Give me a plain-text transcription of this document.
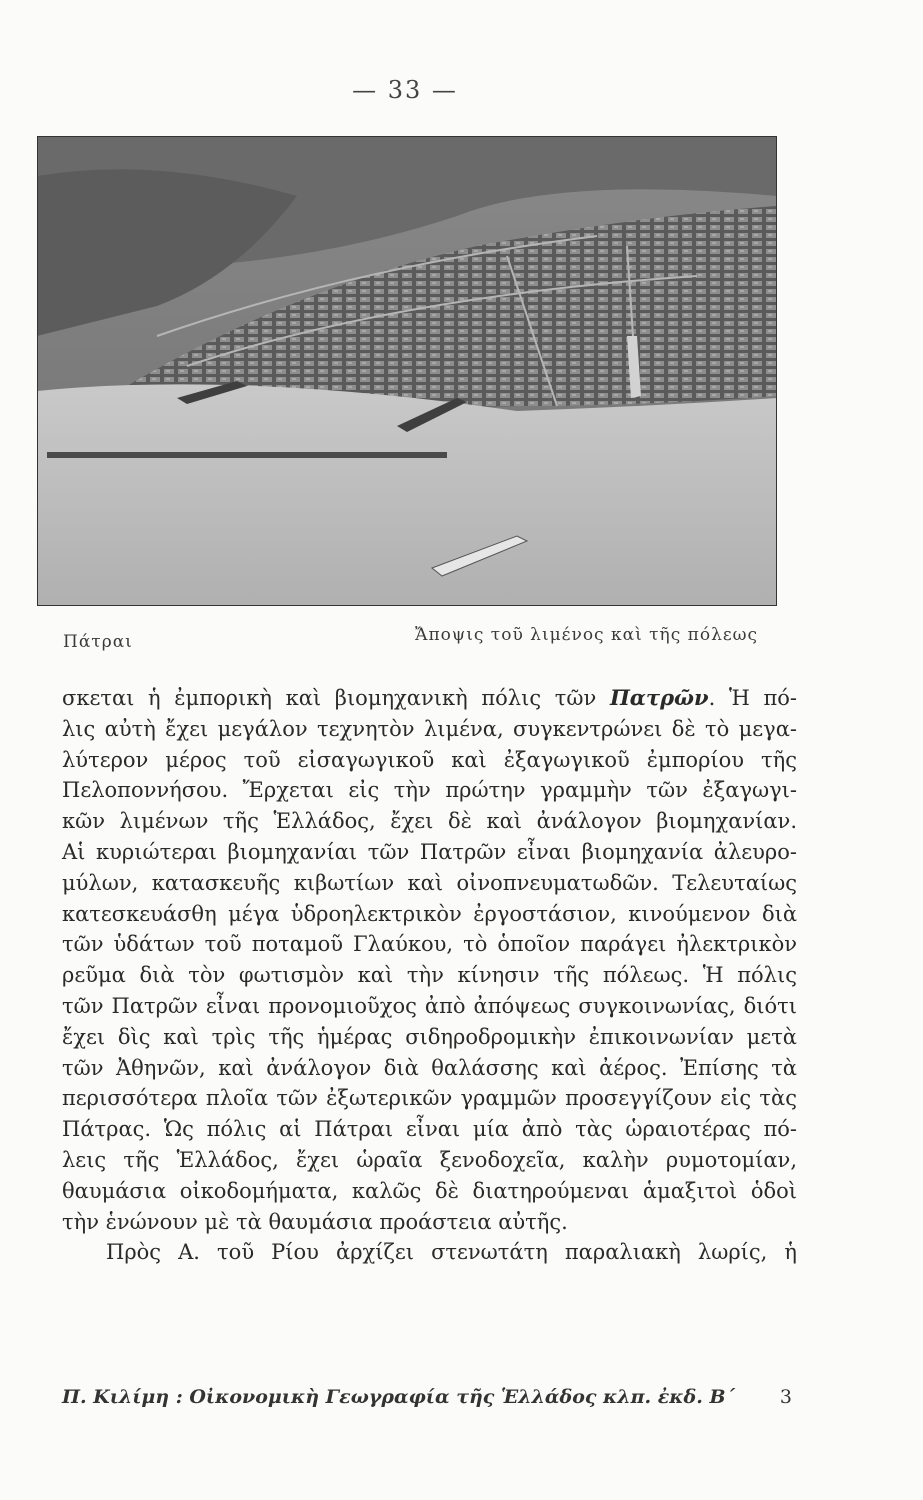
— 33 —
Πάτραι	Ἄποψις τοῦ λιμένος καὶ τῆς πόλεως
σκεται ἡ ἐμπορικὴ καὶ βιομηχανικὴ πόλις τῶν Πατρῶν. Ἡ πό-
λις αὐτὴ ἔχει μεγάλον τεχνητὸν λιμένα, συγκεντρώνει δὲ τὸ μεγα-
λύτερον μέρος τοῦ εἰσαγωγικοῦ καὶ ἐξαγωγικοῦ ἐμπορίου τῆς
Πελοποννήσου. Ἔρχεται εἰς τὴν πρώτην γραμμὴν τῶν ἐξαγωγι-
κῶν λιμένων τῆς Ἑλλάδος, ἔχει δὲ καὶ ἀνάλογον βιομηχανίαν.
Αἱ κυριώτεραι βιομηχανίαι τῶν Πατρῶν εἶναι βιομηχανία ἀλευρο-
μύλων, κατασκευῆς κιβωτίων καὶ οἰνοπνευματωδῶν. Τελευταίως
κατεσκευάσθη μέγα ὑδροηλεκτρικὸν ἐργοστάσιον, κινούμενον διὰ
τῶν ὑδάτων τοῦ ποταμοῦ Γλαύκου, τὸ ὁποῖον παράγει ἠλεκτρικὸν
ρεῦμα διὰ τὸν φωτισμὸν καὶ τὴν κίνησιν τῆς πόλεως. Ἡ πόλις
τῶν Πατρῶν εἶναι προνομιοῦχος ἀπὸ ἀπόψεως συγκοινωνίας, διότι
ἔχει δὶς καὶ τρὶς τῆς ἡμέρας σιδηροδρομικὴν ἐπικοινωνίαν μετὰ
τῶν Ἀθηνῶν, καὶ ἀνάλογον διὰ θαλάσσης καὶ ἀέρος. Ἐπίσης τὰ
περισσότερα πλοῖα τῶν ἐξωτερικῶν γραμμῶν προσεγγίζουν εἰς τὰς
Πάτρας. Ὡς πόλις αἱ Πάτραι εἶναι μία ἀπὸ τὰς ὡραιοτέρας πό-
λεις τῆς Ἑλλάδος, ἔχει ὡραῖα ξενοδοχεῖα, καλὴν ρυμοτομίαν,
θαυμάσια οἰκοδομήματα, καλῶς δὲ διατηρούμεναι ἁμαξιτοὶ ὁδοὶ
τὴν ἑνώνουν μὲ τὰ θαυμάσια προάστεια αὐτῆς.
Πρὸς Α. τοῦ Ρίου ἀρχίζει στενωτάτη παραλιακὴ λωρίς, ἡ
Π. Κιλίμη : Οἰκονομικὴ Γεωγραφία τῆς Ἑλλάδος κλπ. ἐκδ. Β΄ 3
